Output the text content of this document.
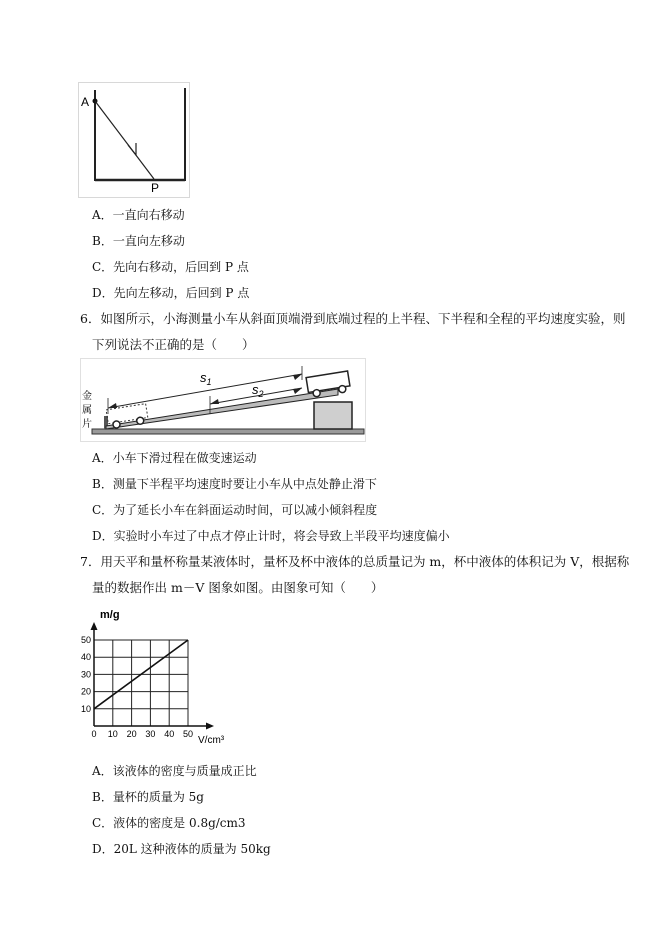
A
P
A．一直向右移动
B．一直向左移动
C．先向右移动，后回到 P 点
D．先向左移动，后回到 P 点
6．如图所示，小海测量小车从斜面顶端滑到底端过程的上半程、下半程和全程的平均速度实验，则
下列说法不正确的是（　　）
$s_1$	$s_2$
金
属
片
A．小车下滑过程在做变速运动
B．测量下半程平均速度时要让小车从中点处静止滑下
C．为了延长小车在斜面运动时间，可以减小倾斜程度
D．实验时小车过了中点才停止计时，将会导致上半段平均速度偏小
7．用天平和量杯称量某液体时，量杯及杯中液体的总质量记为 m，杯中液体的体积记为 V，根据称
量的数据作出 m－V 图象如图。由图象可知（　　）
0 10 20 30 40 50
10
20
30
40
50
m/g
V/cm³
A．该液体的密度与质量成正比
B．量杯的质量为 5g
C．液体的密度是 0.8g/cm3
D．20L 这种液体的质量为 50kg
